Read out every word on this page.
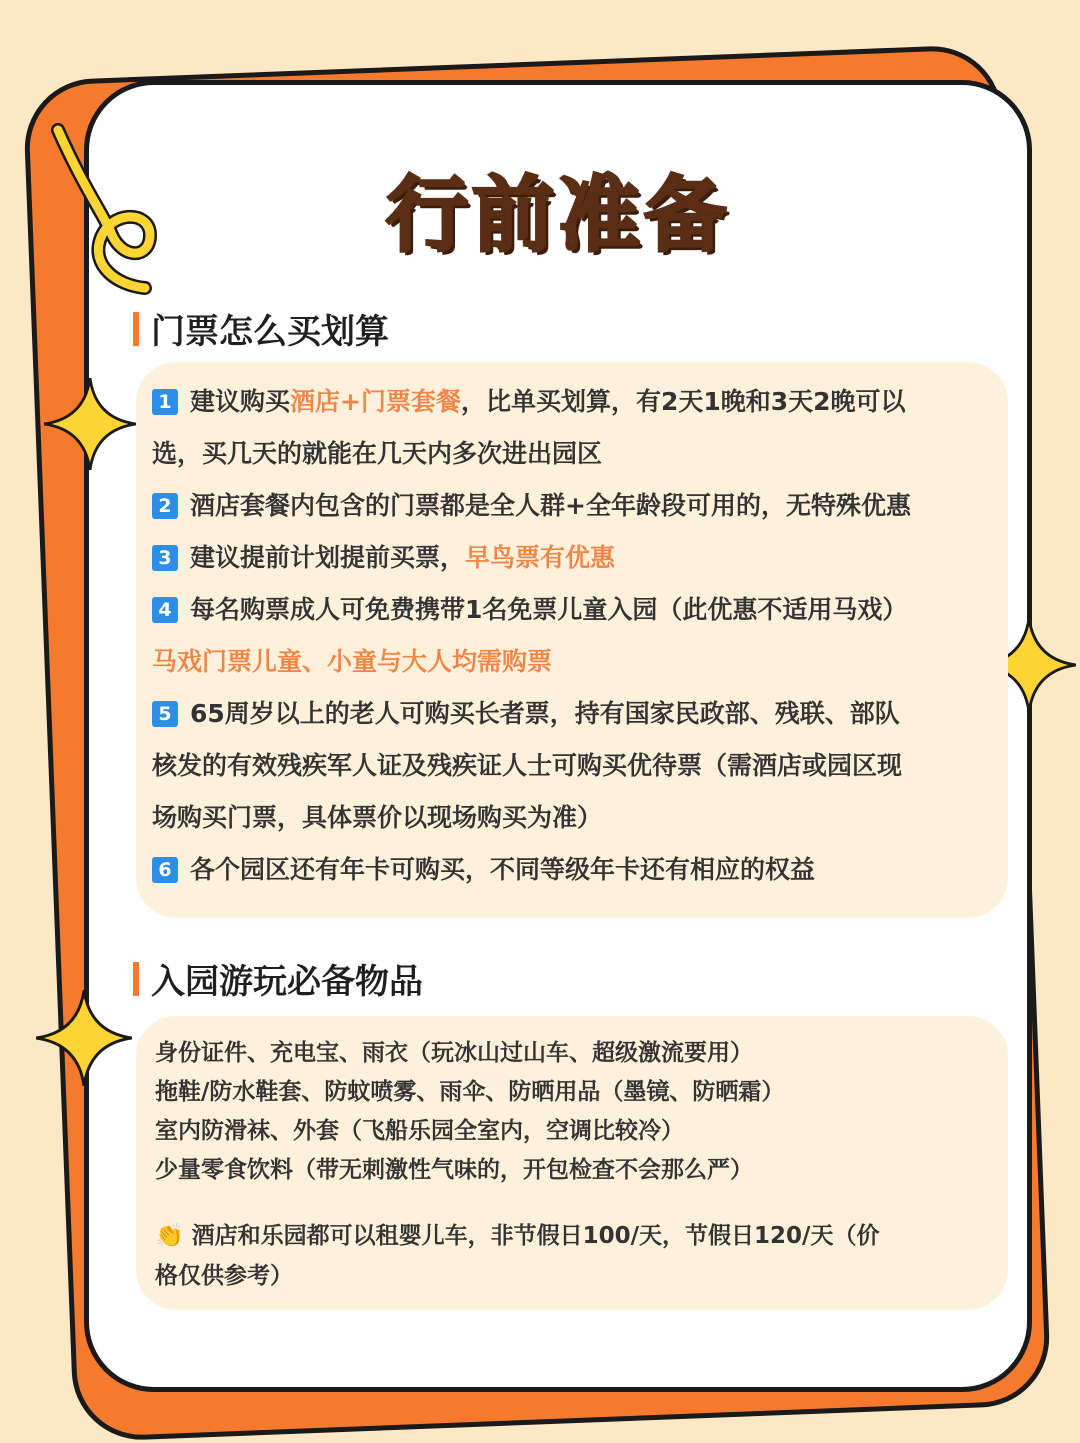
行前准备
门票怎么买划算
1 建议购买 酒店+门票套餐 ，比单买划算，有2天1晚和3天2晚可以
选，买几天的就能在几天内多次进出园区
2 酒店套餐内包含的门票都是全人群+全年龄段可用的，无特殊优惠
3 建议提前计划提前买票， 早鸟票有优惠
4 每名购票成人可免费携带1名免票儿童入园（此优惠不适用马戏）
马戏门票儿童、小童与大人均需购票
5 65周岁以上的老人可购买长者票，持有国家民政部、残联、部队
核发的有效残疾军人证及残疾证人士可购买优待票（需酒店或园区现
场购买门票，具体票价以现场购买为准）
6 各个园区还有年卡可购买，不同等级年卡还有相应的权益
入园游玩必备物品
身份证件、充电宝、雨衣（玩冰山过山车、超级激流要用）
拖鞋/防水鞋套、防蚊喷雾、雨伞、防晒用品（墨镜、防晒霜）
室内防滑袜、外套（飞船乐园全室内，空调比较冷）
少量零食饮料（带无刺激性气味的，开包检查不会那么严）
👏 酒店和乐园都可以租婴儿车，非节假日100/天，节假日120/天（价
格仅供参考）
